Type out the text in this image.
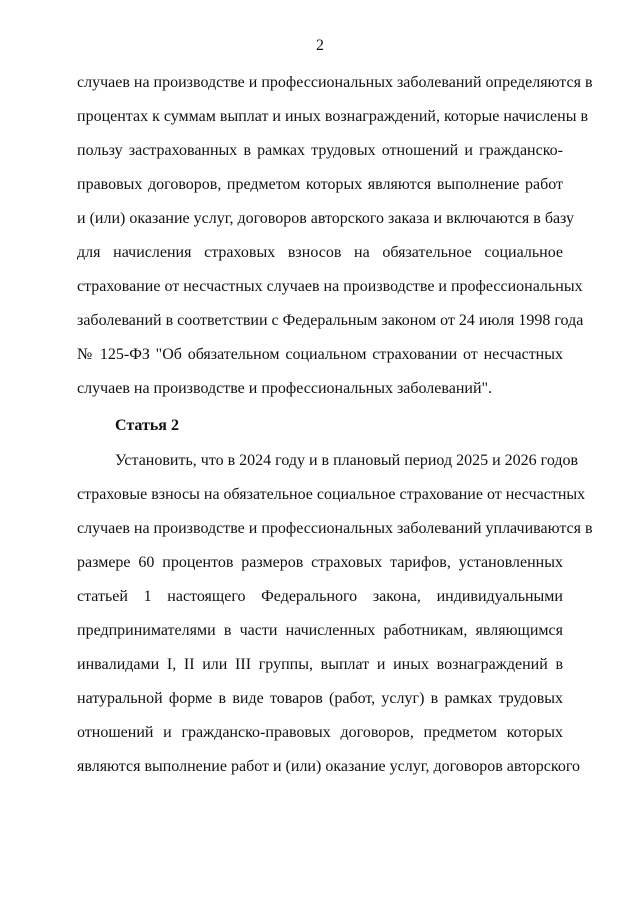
2
случаев на производстве и профессиональных заболеваний определяются в
процентах к суммам выплат и иных вознаграждений, которые начислены в
пользу застрахованных в рамках трудовых отношений и гражданско-
правовых договоров, предметом которых являются выполнение работ
и (или) оказание услуг, договоров авторского заказа и включаются в базу
для начисления страховых взносов на обязательное социальное
страхование от несчастных случаев на производстве и профессиональных
заболеваний в соответствии с Федеральным законом от 24 июля 1998 года
№ 125-ФЗ "Об обязательном социальном страховании от несчастных
случаев на производстве и профессиональных заболеваний".
Статья 2
Установить, что в 2024 году и в плановый период 2025 и 2026 годов
страховые взносы на обязательное социальное страхование от несчастных
случаев на производстве и профессиональных заболеваний уплачиваются в
размере 60 процентов размеров страховых тарифов, установленных
статьей 1 настоящего Федерального закона, индивидуальными
предпринимателями в части начисленных работникам, являющимся
инвалидами I, II или III группы, выплат и иных вознаграждений в
натуральной форме в виде товаров (работ, услуг) в рамках трудовых
отношений и гражданско-правовых договоров, предметом которых
являются выполнение работ и (или) оказание услуг, договоров авторского
